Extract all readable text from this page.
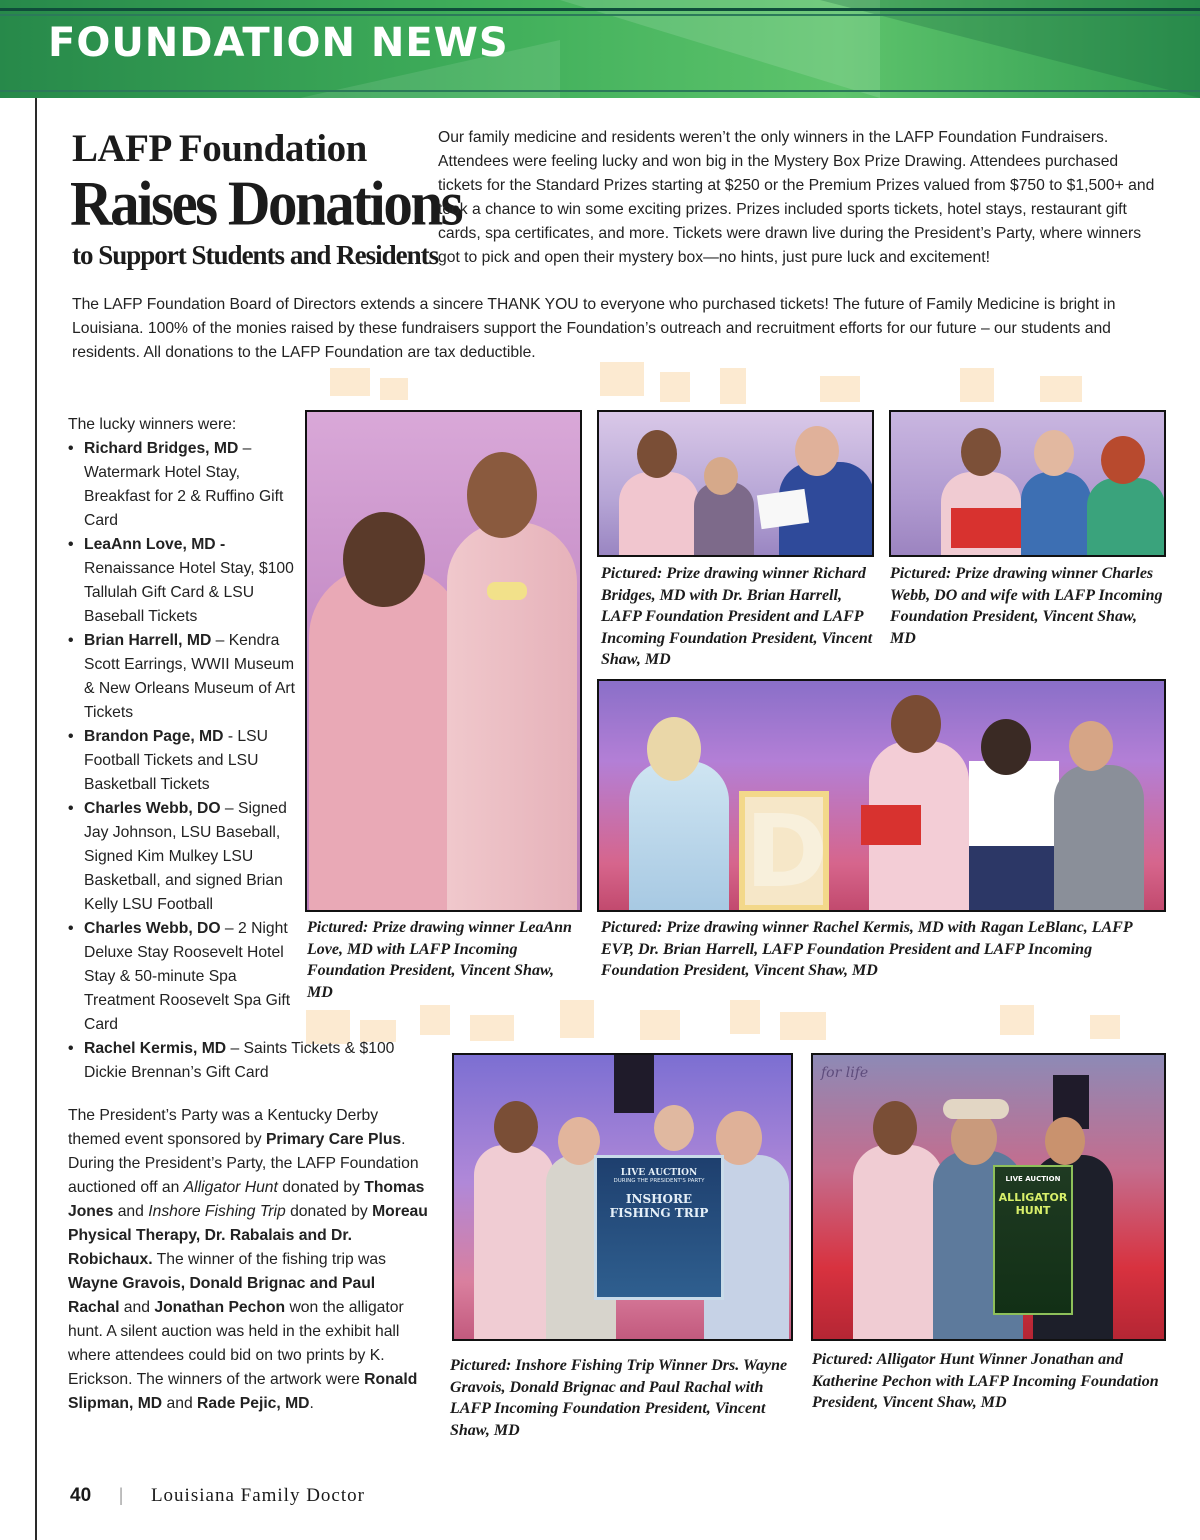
FOUNDATION NEWS
LAFP Foundation
Raises Donations
to Support Students and Residents

Our family medicine and residents weren’t the only winners in the LAFP Foundation Fundraisers. Attendees were feeling lucky and won big in the Mystery Box Prize Drawing. Attendees purchased tickets for the Standard Prizes starting at $250 or the Premium Prizes valued from $750 to $1,500+ and took a chance to win some exciting prizes. Prizes included sports tickets, hotel stays, restaurant gift cards, spa certificates, and more. Tickets were drawn live during the President’s Party, where winners got to pick and open their mystery box—no hints, just pure luck and excitement!

The LAFP Foundation Board of Directors extends a sincere THANK YOU to everyone who purchased tickets! The future of Family Medicine is bright in Louisiana. 100% of the monies raised by these fundraisers support the Foundation’s outreach and recruitment efforts for our future – our students and residents. All donations to the LAFP Foundation are tax deductible.

The lucky winners were:
• Richard Bridges, MD – Watermark Hotel Stay, Breakfast for 2 & Ruffino Gift Card
• LeaAnn Love, MD - Renaissance Hotel Stay, $100 Tallulah Gift Card & LSU Baseball Tickets
• Brian Harrell, MD – Kendra Scott Earrings, WWII Museum & New Orleans Museum of Art Tickets
• Brandon Page, MD - LSU Football Tickets and LSU Basketball Tickets
• Charles Webb, DO – Signed Jay Johnson, LSU Baseball, Signed Kim Mulkey LSU Basketball, and signed Brian Kelly LSU Football
• Charles Webb, DO – 2 Night Deluxe Stay Roosevelt Hotel Stay & 50-minute Spa Treatment Roosevelt Spa Gift Card
• Rachel Kermis, MD – Saints Tickets & $100 Dickie Brennan’s Gift Card

The President’s Party was a Kentucky Derby themed event sponsored by Primary Care Plus. During the President’s Party, the LAFP Foundation auctioned off an Alligator Hunt donated by Thomas Jones and Inshore Fishing Trip donated by Moreau Physical Therapy, Dr. Rabalais and Dr. Robichaux. The winner of the fishing trip was Wayne Gravois, Donald Brignac and Paul Rachal and Jonathan Pechon won the alligator hunt. A silent auction was held in the exhibit hall where attendees could bid on two prints by K. Erickson. The winners of the artwork were Ronald Slipman, MD and Rade Pejic, MD.

Pictured: Prize drawing winner LeaAnn Love, MD with LAFP Incoming Foundation President, Vincent Shaw, MD
Pictured: Prize drawing winner Richard Bridges, MD with Dr. Brian Harrell, LAFP Foundation President and LAFP Incoming Foundation President, Vincent Shaw, MD
Pictured: Prize drawing winner Charles Webb, DO and wife with LAFP Incoming Foundation President, Vincent Shaw, MD
D
Pictured: Prize drawing winner Rachel Kermis, MD with Ragan LeBlanc, LAFP EVP, Dr. Brian Harrell, LAFP Foundation President and LAFP Incoming Foundation President, Vincent Shaw, MD
LIVE AUCTION
DURING THE PRESIDENT'S PARTY
INSHORE FISHING TRIP
Pictured: Inshore Fishing Trip Winner Drs. Wayne Gravois, Donald Brignac and Paul Rachal with LAFP Incoming Foundation President, Vincent Shaw, MD
for life
LIVE AUCTION
ALLIGATOR HUNT
Pictured: Alligator Hunt Winner Jonathan and Katherine Pechon with LAFP Incoming Foundation President, Vincent Shaw, MD
40 | Louisiana Family Doctor
